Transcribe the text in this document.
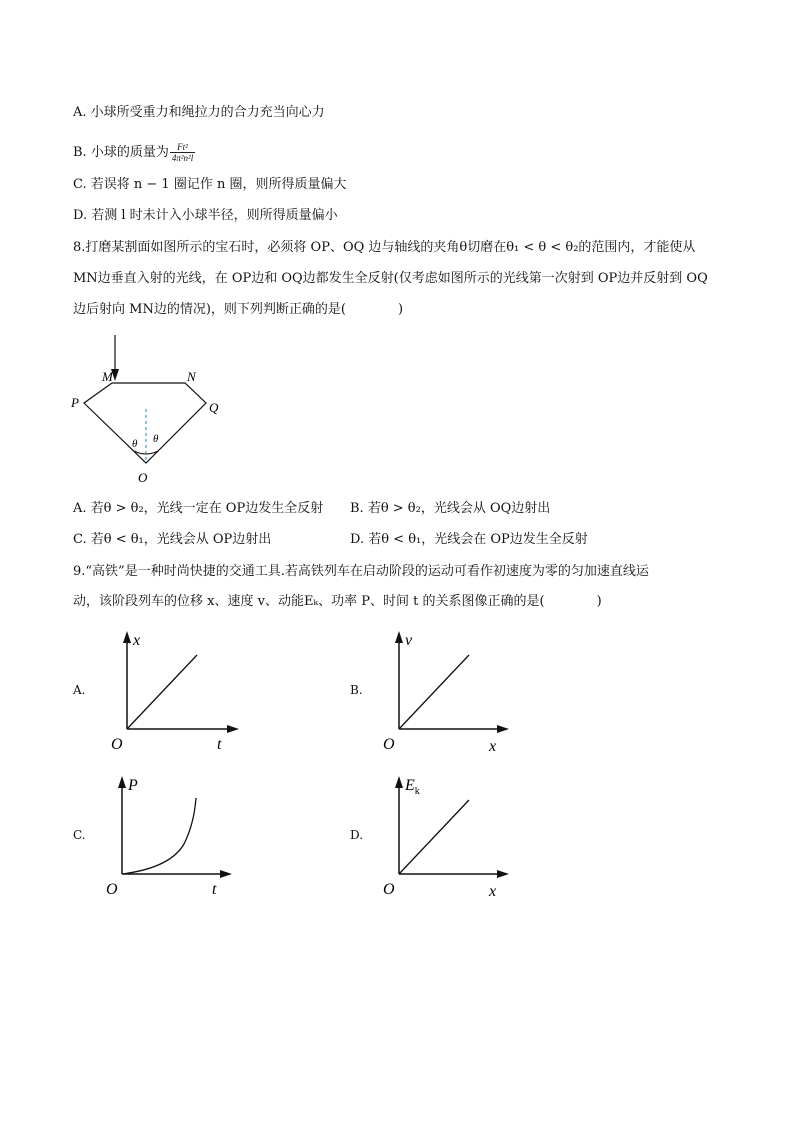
A. 小球所受重力和绳拉力的合力充当向心力
B. 小球的质量为 $\frac{\text{Ft²}}{\text{4π²n²l}}$
C. 若误将 n − 1 圈记作 n 圈，则所得质量偏大
D. 若测 l 时未计入小球半径，则所得质量偏小
8.打磨某割面如图所示的宝石时，必须将 OP、OQ 边与轴线的夹角θ切磨在θ₁ < θ < θ₂的范围内，才能使从
MN边垂直入射的光线，在 OP边和 OQ边都发生全反射(仅考虑如图所示的光线第一次射到 OP边并反射到 OQ
边后射向 MN边的情况)，则下列判断正确的是(　　　　)
M	N
P	Q
O
θ θ
A. 若θ > θ₂，光线一定在 OP边发生全反射 B. 若θ > θ₂，光线会从 OQ边射出
C. 若θ < θ₁，光线会从 OP边射出	D. 若θ < θ₁，光线会在 OP边发生全反射
9.“高铁”是一种时尚快捷的交通工具.若高铁列车在启动阶段的运动可看作初速度为零的匀加速直线运
动，该阶段列车的位移 x、速度 v、动能Eₖ、功率 P、时间 t 的关系图像正确的是(　　　　)
A.
x
O	t
B.
v
O	x
C.
P
O	t
D.
$E_k$
O	x
